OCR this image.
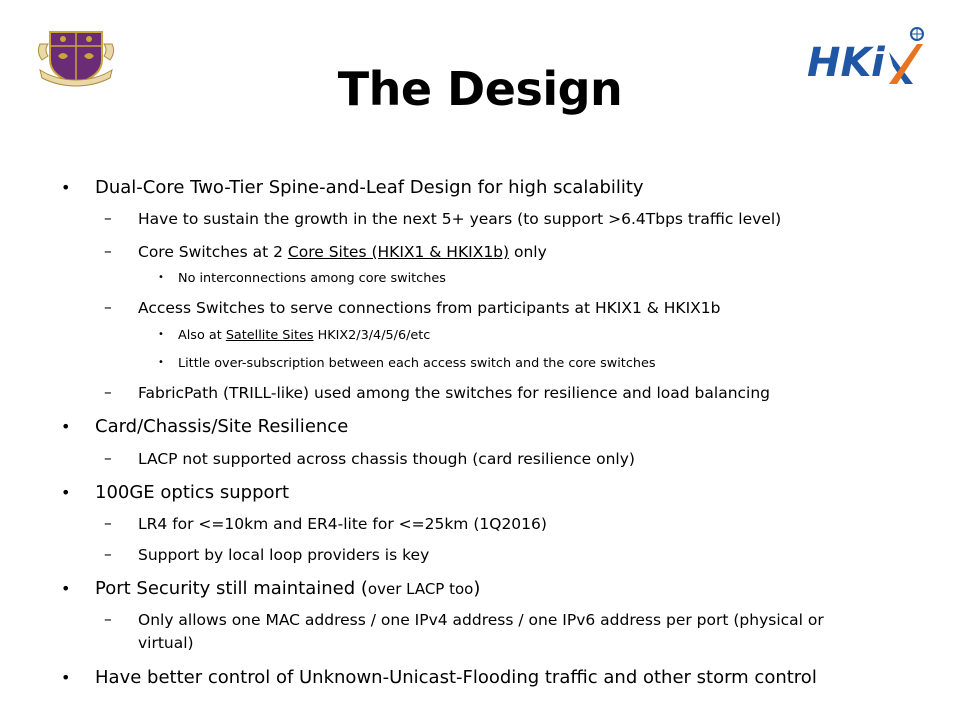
HK i
The Design
• Dual-Core Two-Tier Spine-and-Leaf Design for high scalability
– Have to sustain the growth in the next 5+ years (to support >6.4Tbps traffic level)
– Core Switches at 2 Core Sites (HKIX1 & HKIX1b) only
• No interconnections among core switches
– Access Switches to serve connections from participants at HKIX1 & HKIX1b
• Also at Satellite Sites HKIX2/3/4/5/6/etc
• Little over-subscription between each access switch and the core switches
– FabricPath (TRILL-like) used among the switches for resilience and load balancing
• Card/Chassis/Site Resilience
– LACP not supported across chassis though (card resilience only)
• 100GE optics support
– LR4 for <=10km and ER4-lite for <=25km (1Q2016)
– Support by local loop providers is key
• Port Security still maintained (over LACP too)
– Only allows one MAC address / one IPv4 address / one IPv6 address per port (physical or
virtual)
• Have better control of Unknown-Unicast-Flooding traffic and other storm control
